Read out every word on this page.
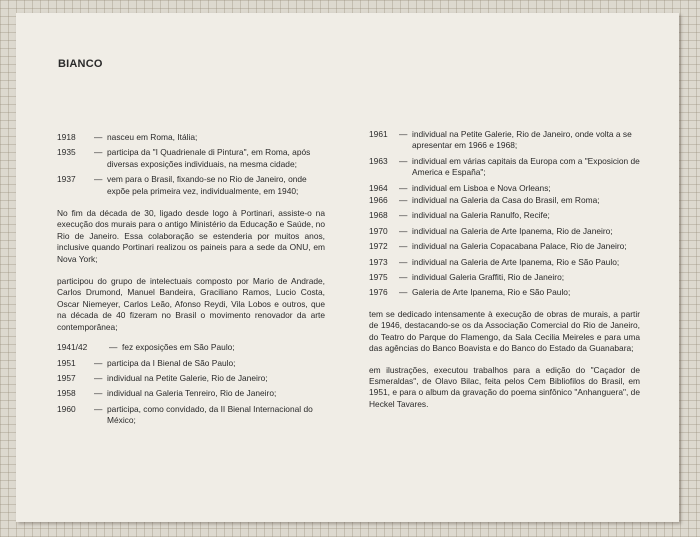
BIANCO
1918	— nasceu em Roma, Itália;
1935	— participa da "I Quadrienale di Pintura", em Roma, após diversas exposições individuais, na mesma cidade;
1937	— vem para o Brasil, fixando-se no Rio de Janeiro, onde expõe pela primeira vez, individualmente, em 1940;

No fim da década de 30, ligado desde logo à Portinari, assiste-o na execução dos murais para o antigo Ministério da Educação e Saúde, no Rio de Janeiro. Essa colaboração se estenderia por muitos anos, inclusive quando Portinari realizou os paineis para a sede da ONU, em Nova York;

participou do grupo de intelectuais composto por Mario de Andrade, Carlos Drumond, Manuel Bandeira, Graciliano Ramos, Lucio Costa, Oscar Niemeyer, Carlos Leão, Afonso Reydi, Vila Lobos e outros, que na década de 40 fizeram no Brasil o movimento renovador da arte contemporânea;

1941/42	— fez exposições em São Paulo;
1951	— participa da I Bienal de São Paulo;
1957	— individual na Petite Galerie, Rio de Janeiro;
1958	— individual na Galeria Tenreiro, Rio de Janeiro;
1960	— participa, como convidado, da II Bienal Internacional do México;
1961	— individual na Petite Galerie, Rio de Janeiro, onde volta a se apresentar em 1966 e 1968;
1963	— individual em várias capitais da Europa com a "Exposicion de America e España";
1964	— individual em Lisboa e Nova Orleans;
1966	— individual na Galeria da Casa do Brasil, em Roma;
1968	— individual na Galeria Ranulfo, Recife;
1970	— individual na Galeria de Arte Ipanema, Rio de Janeiro;
1972	— individual na Galeria Copacabana Palace, Rio de Janeiro;
1973	— individual na Galeria de Arte Ipanema, Rio e São Paulo;
1975	— individual Galeria Graffiti, Rio de Janeiro;
1976	— Galeria de Arte Ipanema, Rio e São Paulo;

tem se dedicado intensamente à execução de obras de murais, a partir de 1946, destacando-se os da Associação Comercial do Rio de Janeiro, do Teatro do Parque do Flamengo, da Sala Cecilia Meireles e para uma das agências do Banco Boavista e do Banco do Estado da Guanabara;

em ilustrações, executou trabalhos para a edição do "Caçador de Esmeraldas", de Olavo Bilac, feita pelos Cem Bibliofilos do Brasil, em 1951, e para o album da gravação do poema sinfônico "Anhanguera", de Heckel Tavares.
